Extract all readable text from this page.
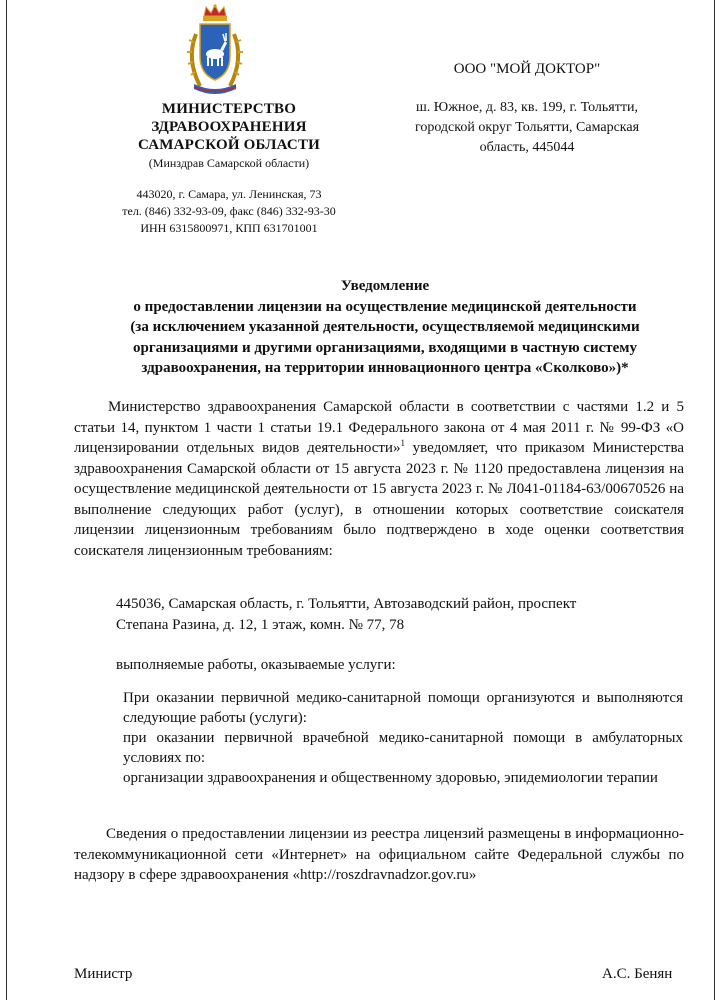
МИНИСТЕРСТВО
ЗДРАВООХРАНЕНИЯ
САМАРСКОЙ ОБЛАСТИ
(Минздрав Самарской области)
443020, г. Самара, ул. Ленинская, 73
тел. (846) 332-93-09, факс (846) 332-93-30
ИНН 6315800971, КПП 631701001
ООО "МОЙ ДОКТОР"
ш. Южное, д. 83, кв. 199, г. Тольятти,
городской округ Тольятти, Самарская
область, 445044
Уведомление
о предоставлении лицензии на осуществление медицинской деятельности
(за исключением указанной деятельности, осуществляемой медицинскими
организациями и другими организациями, входящими в частную систему
здравоохранения, на территории инновационного центра «Сколково»)*
Министерство здравоохранения Самарской области в соответствии с частями 1.2 и 5 статьи 14, пунктом 1 части 1 статьи 19.1 Федерального закона от 4 мая 2011 г. № 99-ФЗ «О лицензировании отдельных видов деятельности»$^1$ уведомляет, что приказом Министерства здравоохранения Самарской области от 15 августа 2023 г. № 1120 предоставлена лицензия на осуществление медицинской деятельности от 15 августа 2023 г. № Л041-01184-63/00670526 на выполнение следующих работ (услуг), в отношении которых соответствие соискателя лицензии лицензионным требованиям было подтверждено в ходе оценки соответствия соискателя лицензионным требованиям:
445036, Самарская область, г. Тольятти, Автозаводский район, проспект
Степана Разина, д. 12, 1 этаж, комн. № 77, 78
выполняемые работы, оказываемые услуги:

При оказании первичной медико-санитарной помощи организуются и выполняются следующие работы (услуги):

при оказании первичной врачебной медико-санитарной помощи в амбулаторных условиях по:

организации здравоохранения и общественному здоровью, эпидемиологии терапии

Сведения о предоставлении лицензии из реестра лицензий размещены в информационно- телекоммуникационной сети «Интернет» на официальном сайте Федеральной службы по надзору в сфере здравоохранения «http://roszdravnadzor.gov.ru»
Министр	А.С. Бенян
